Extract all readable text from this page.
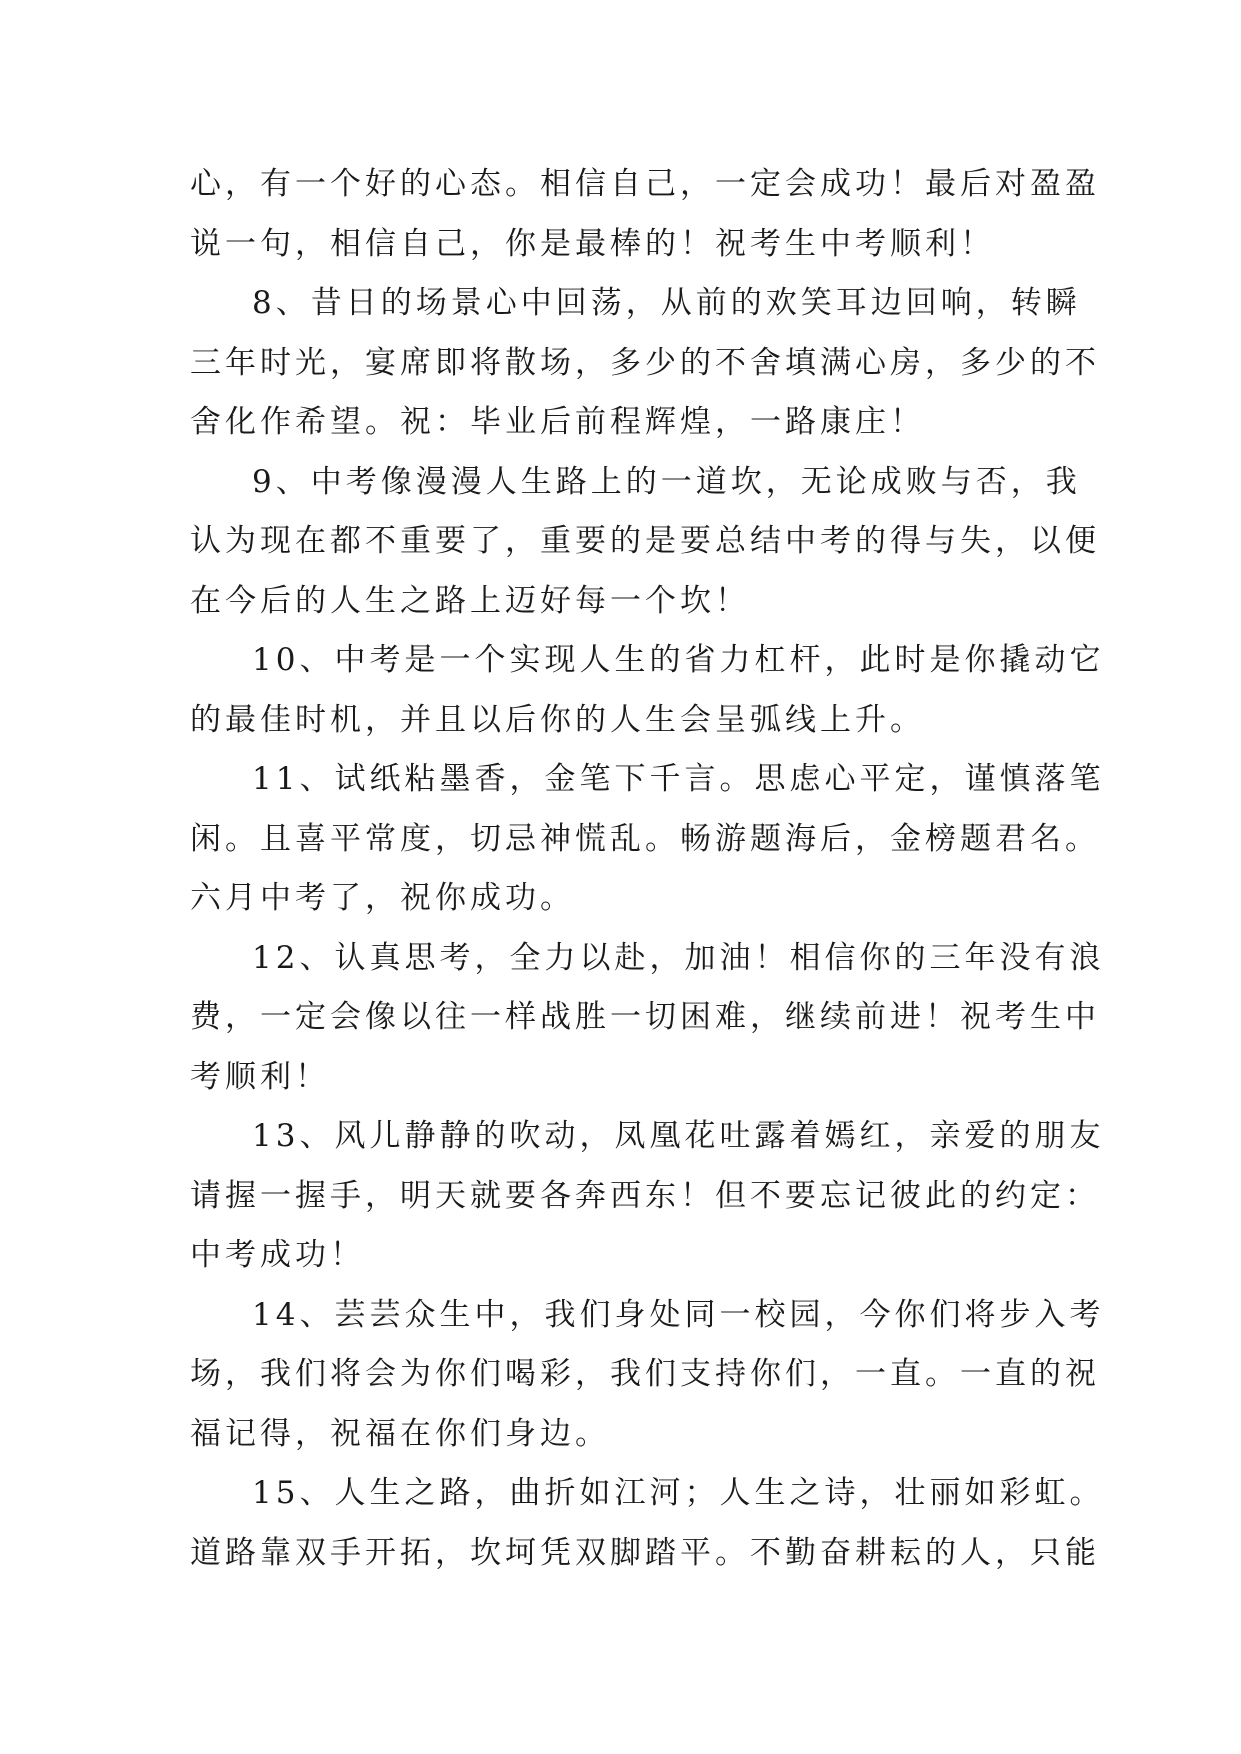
心，有一个好的心态。相信自己，一定会成功！最后对盈盈
说一句，相信自己，你是最棒的！祝考生中考顺利！
8、昔日的场景心中回荡，从前的欢笑耳边回响，转瞬
三年时光，宴席即将散场，多少的不舍填满心房，多少的不
舍化作希望。祝：毕业后前程辉煌，一路康庄！
9、中考像漫漫人生路上的一道坎，无论成败与否，我
认为现在都不重要了，重要的是要总结中考的得与失，以便
在今后的人生之路上迈好每一个坎！
10、中考是一个实现人生的省力杠杆，此时是你撬动它
的最佳时机，并且以后你的人生会呈弧线上升。
11、试纸粘墨香，金笔下千言。思虑心平定，谨慎落笔
闲。且喜平常度，切忌神慌乱。畅游题海后，金榜题君名。
六月中考了，祝你成功。
12、认真思考，全力以赴，加油！相信你的三年没有浪
费，一定会像以往一样战胜一切困难，继续前进！祝考生中
考顺利！
13、风儿静静的吹动，凤凰花吐露着嫣红，亲爱的朋友
请握一握手，明天就要各奔西东！但不要忘记彼此的约定：
中考成功！
14、芸芸众生中，我们身处同一校园，今你们将步入考
场，我们将会为你们喝彩，我们支持你们，一直。一直的祝
福记得，祝福在你们身边。
15、人生之路，曲折如江河；人生之诗，壮丽如彩虹。
道路靠双手开拓，坎坷凭双脚踏平。不勤奋耕耘的人，只能
